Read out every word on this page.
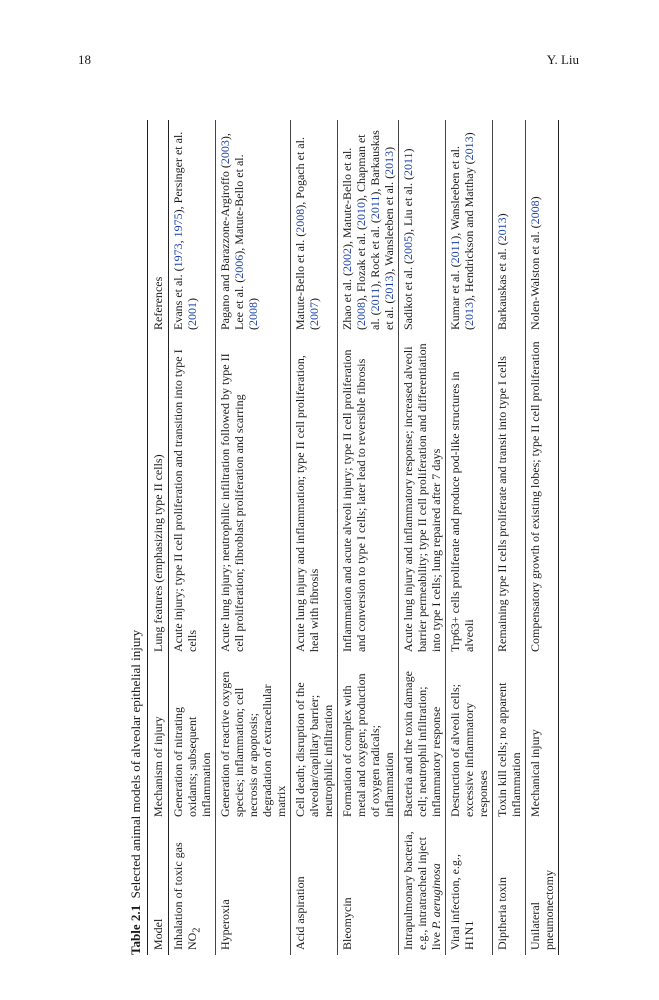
18	Y. Liu
Table 2.1  Selected animal models of alveolar epithelial injury
Model	Mechanism of injury	Lung features (emphasizing type II cells)	References
Inhalation of toxic gas $NO_2$	Generation of nitrating oxidants; subsequent inflammation	Acute injury; type II cell proliferation and transition into type I cells	Evans et al. (1973, 1975), Persinger et al. (2001)
Hyperoxia	Generation of reactive oxygen species; inflammation; cell necrosis or apoptosis; degradation of extracellular matrix	Acute lung injury; neutrophilic infiltration followed by type II cell proliferation; fibroblast proliferation and scarring	Pagano and Barazzone-Argiroffo (2003), Lee et al. (2006), Matute-Bello et al. (2008)
Acid aspiration	Cell death; disruption of the alveolar/capillary barrier; neutrophilic infiltration	Acute lung injury and inflammation; type II cell proliferation, heal with fibrosis	Matute-Bello et al. (2008), Pogach et al. (2007)
Bleomycin	Formation of complex with metal and oxygen; production of oxygen radicals; inflammation	Inflammation and acute alveoli injury; type II cell proliferation and conversion to type I cells; later lead to reversible fibrosis	Zhao et al. (2002), Matute-Bello et al. (2008), Flozak et al. (2010), Chapman et al. (2011), Rock et al. (2011), Barkauskas et al. (2013), Wansleeben et al. (2013)
Intrapulmonary bacteria, e.g., intratracheal inject live P. aeruginosa	Bacteria and the toxin damage cell; neutrophil infiltration; inflammatory response	Acute lung injury and inflammatory response; increased alveoli barrier permeability; type II cell proliferation and differentiation into type I cells; lung repaired after 7 days	Sadikot et al. (2005), Liu et al. (2011)
Viral infection, e.g., H1N1	Destruction of alveoli cells; excessive inflammatory responses	Trp63+ cells proliferate and produce pod-like structures in alveoli	Kumar et al. (2011), Wansleeben et al. (2013), Hendrickson and Matthay (2013)
Diptheria toxin	Toxin kill cells; no apparent inflammation	Remaining type II cells proliferate and transit into type I cells	Barkauskas et al. (2013)
Unilateral pneumonectomy	Mechanical injury	Compensatory growth of existing lobes; type II cell proliferation	Nolen-Walston et al. (2008)
